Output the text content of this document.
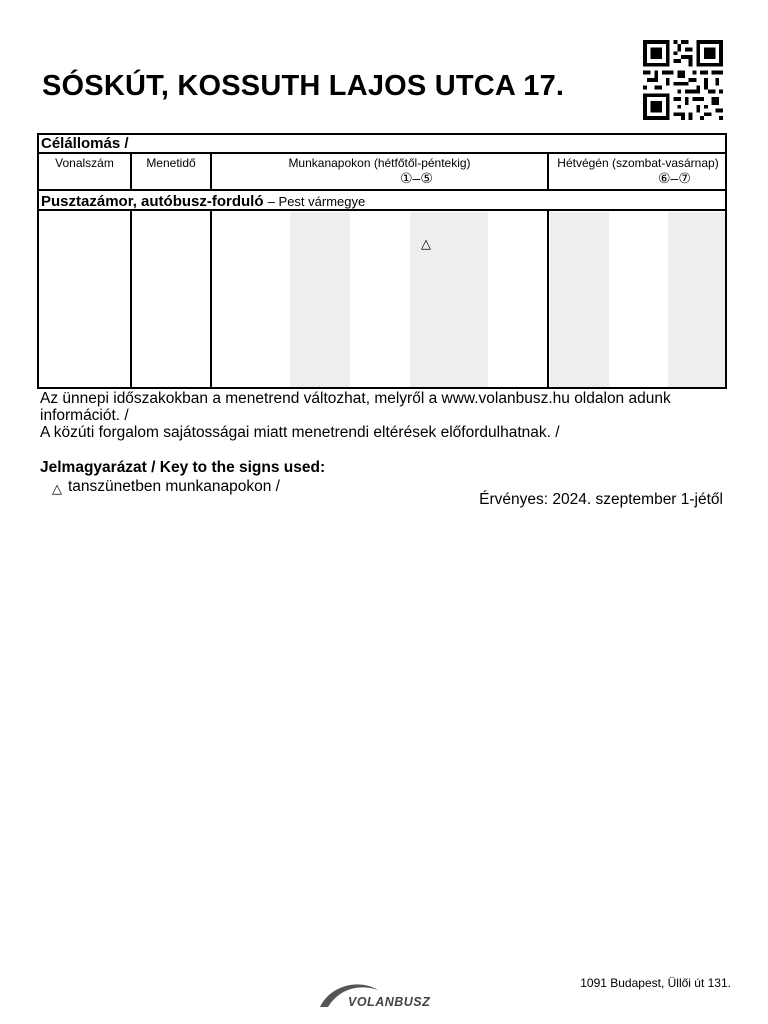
SÓSKÚT, KOSSUTH LAJOS UTCA 17.
Célállomás /
Vonalszám	Menetidő	Munkanapokon (hétfőtől-péntekig)
①–⑤
Hétvégén (szombat-vasárnap)
⑥–⑦
Pusztazámor, autóbusz-forduló – Pest vármegye
△
Az ünnepi időszakokban a menetrend változhat, melyről a www.volanbusz.hu oldalon adunk információt. /
A közúti forgalom sajátosságai miatt menetrendi eltérések előfordulhatnak. /
Jelmagyarázat / Key to the signs used:
△ tanszünetben munkanapokon /
Érvényes: 2024. szeptember 1-jétől
1091 Budapest, Üllői út 131.
VOLANBUSZ
